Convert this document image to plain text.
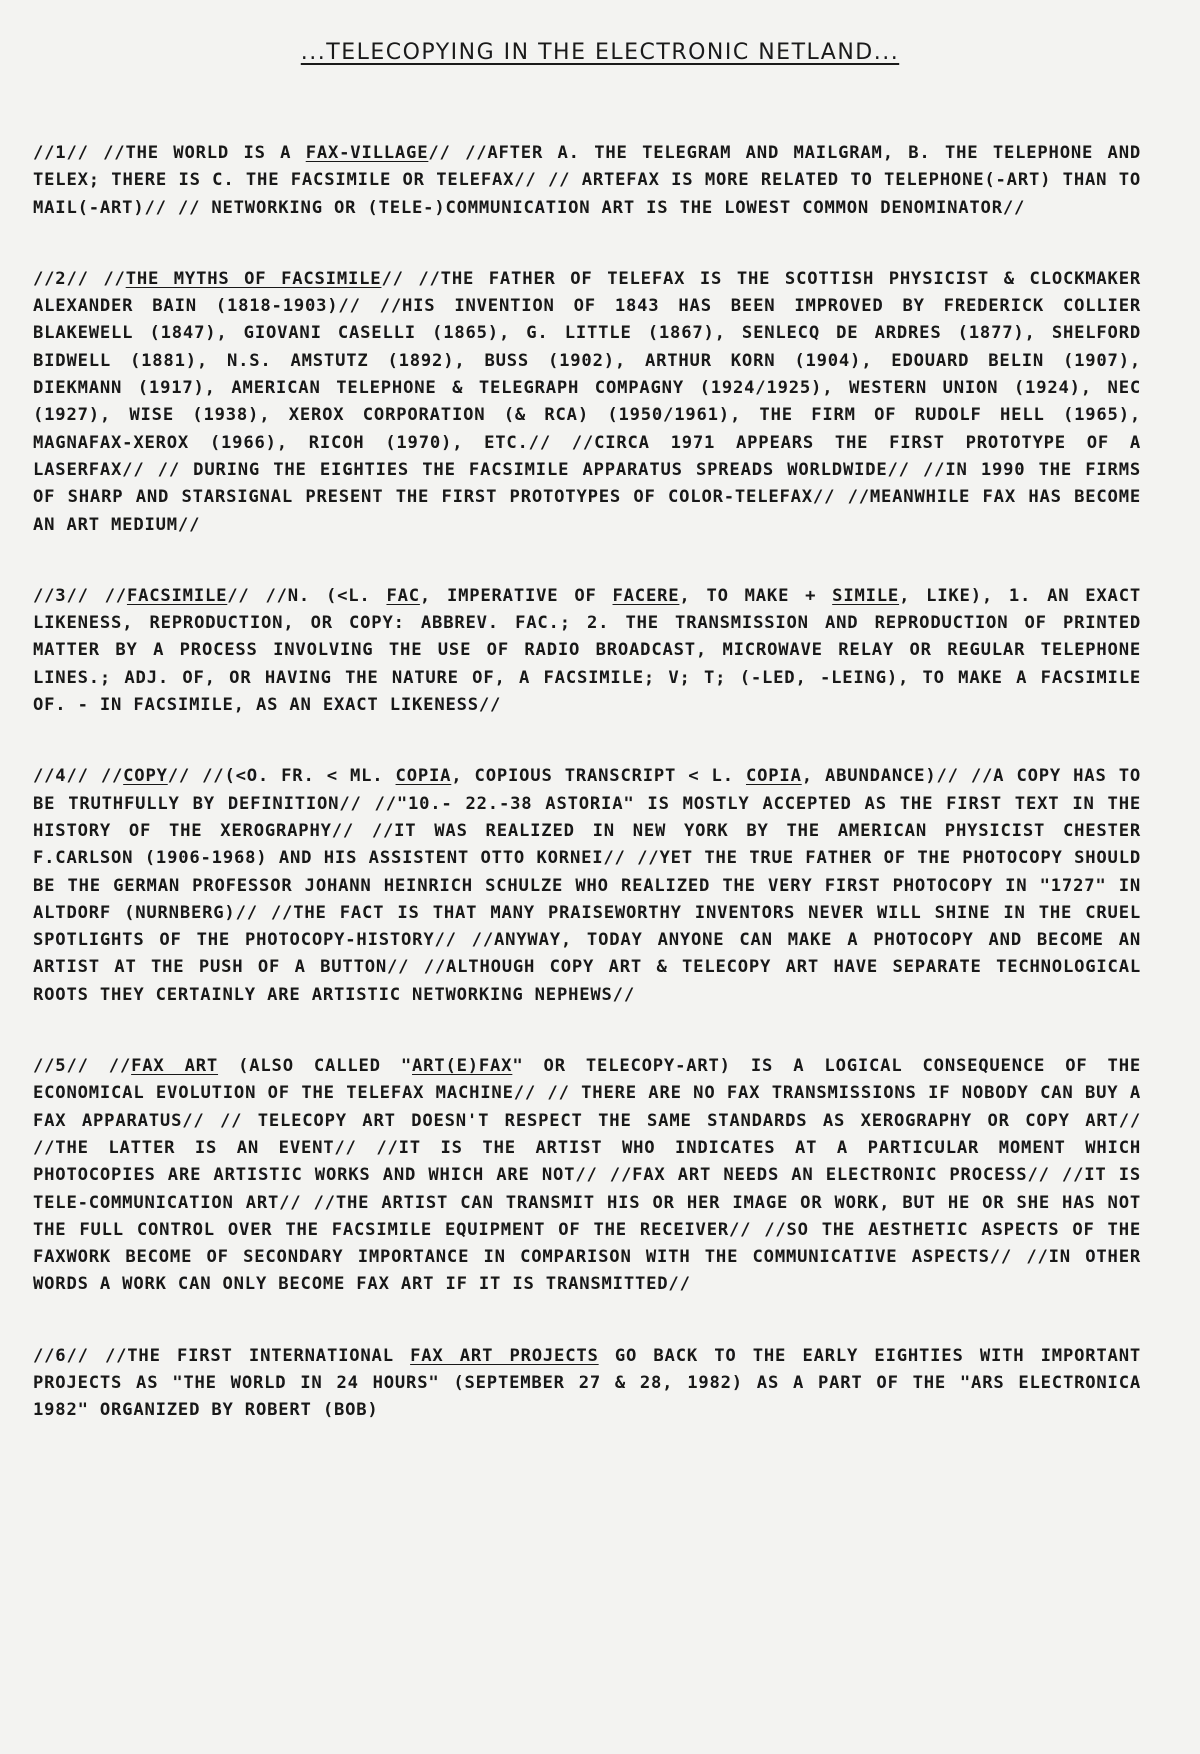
...TELECOPYING IN THE ELECTRONIC NETLAND...

//1// //THE WORLD IS A FAX-VILLAGE// //AFTER A. THE TELEGRAM AND MAILGRAM, B. THE TELEPHONE AND TELEX; THERE IS C. THE FACSIMILE OR TELEFAX// // ARTEFAX IS MORE RELATED TO TELEPHONE(-ART) THAN TO MAIL(-ART)// // NETWORKING OR (TELE-)COMMUNICATION ART IS THE LOWEST COMMON DENOMINATOR//

//2// //THE MYTHS OF FACSIMILE// //THE FATHER OF TELEFAX IS THE SCOTTISH PHYSICIST & CLOCKMAKER ALEXANDER BAIN (1818-1903)// //HIS INVENTION OF 1843 HAS BEEN IMPROVED BY FREDERICK COLLIER BLAKEWELL (1847), GIOVANI CASELLI (1865), G. LITTLE (1867), SENLECQ DE ARDRES (1877), SHELFORD BIDWELL (1881), N.S. AMSTUTZ (1892), BUSS (1902), ARTHUR KORN (1904), EDOUARD BELIN (1907), DIEKMANN (1917), AMERICAN TELEPHONE & TELEGRAPH COMPAGNY (1924/1925), WESTERN UNION (1924), NEC (1927), WISE (1938), XEROX CORPORATION (& RCA) (1950/1961), THE FIRM OF RUDOLF HELL (1965), MAGNAFAX-XEROX (1966), RICOH (1970), ETC.// //CIRCA 1971 APPEARS THE FIRST PROTOTYPE OF A LASERFAX// // DURING THE EIGHTIES THE FACSIMILE APPARATUS SPREADS WORLDWIDE// //IN 1990 THE FIRMS OF SHARP AND STARSIGNAL PRESENT THE FIRST PROTOTYPES OF COLOR-TELEFAX// //MEANWHILE FAX HAS BECOME AN ART MEDIUM//

//3// //FACSIMILE// //N. (<L. FAC, IMPERATIVE OF FACERE, TO MAKE + SIMILE, LIKE), 1. AN EXACT LIKENESS, REPRODUCTION, OR COPY: ABBREV. FAC.; 2. THE TRANSMISSION AND REPRODUCTION OF PRINTED MATTER BY A PROCESS INVOLVING THE USE OF RADIO BROADCAST, MICROWAVE RELAY OR REGULAR TELEPHONE LINES.; ADJ. OF, OR HAVING THE NATURE OF, A FACSIMILE; V; T; (-LED, -LEING), TO MAKE A FACSIMILE OF. - IN FACSIMILE, AS AN EXACT LIKENESS//

//4// //COPY// //(<O. FR. < ML. COPIA, COPIOUS TRANSCRIPT < L. COPIA, ABUNDANCE)// //A COPY HAS TO BE TRUTHFULLY BY DEFINITION// //"10.- 22.-38 ASTORIA" IS MOSTLY ACCEPTED AS THE FIRST TEXT IN THE HISTORY OF THE XEROGRAPHY// //IT WAS REALIZED IN NEW YORK BY THE AMERICAN PHYSICIST CHESTER F.CARLSON (1906-1968) AND HIS ASSISTENT OTTO KORNEI// //YET THE TRUE FATHER OF THE PHOTOCOPY SHOULD BE THE GERMAN PROFESSOR JOHANN HEINRICH SCHULZE WHO REALIZED THE VERY FIRST PHOTOCOPY IN "1727" IN ALTDORF (NURNBERG)// //THE FACT IS THAT MANY PRAISEWORTHY INVENTORS NEVER WILL SHINE IN THE CRUEL SPOTLIGHTS OF THE PHOTOCOPY-HISTORY// //ANYWAY, TODAY ANYONE CAN MAKE A PHOTOCOPY AND BECOME AN ARTIST AT THE PUSH OF A BUTTON// //ALTHOUGH COPY ART & TELECOPY ART HAVE SEPARATE TECHNOLOGICAL ROOTS THEY CERTAINLY ARE ARTISTIC NETWORKING NEPHEWS//

//5// //FAX ART (ALSO CALLED "ART(E)FAX" OR TELECOPY-ART) IS A LOGICAL CONSEQUENCE OF THE ECONOMICAL EVOLUTION OF THE TELEFAX MACHINE// // THERE ARE NO FAX TRANSMISSIONS IF NOBODY CAN BUY A FAX APPARATUS// // TELECOPY ART DOESN'T RESPECT THE SAME STANDARDS AS XEROGRAPHY OR COPY ART// //THE LATTER IS AN EVENT// //IT IS THE ARTIST WHO INDICATES AT A PARTICULAR MOMENT WHICH PHOTOCOPIES ARE ARTISTIC WORKS AND WHICH ARE NOT// //FAX ART NEEDS AN ELECTRONIC PROCESS// //IT IS TELE-COMMUNICATION ART// //THE ARTIST CAN TRANSMIT HIS OR HER IMAGE OR WORK, BUT HE OR SHE HAS NOT THE FULL CONTROL OVER THE FACSIMILE EQUIPMENT OF THE RECEIVER// //SO THE AESTHETIC ASPECTS OF THE FAXWORK BECOME OF SECONDARY IMPORTANCE IN COMPARISON WITH THE COMMUNICATIVE ASPECTS// //IN OTHER WORDS A WORK CAN ONLY BECOME FAX ART IF IT IS TRANSMITTED//

//6// //THE FIRST INTERNATIONAL FAX ART PROJECTS GO BACK TO THE EARLY EIGHTIES WITH IMPORTANT PROJECTS AS "THE WORLD IN 24 HOURS" (SEPTEMBER 27 & 28, 1982) AS A PART OF THE "ARS ELECTRONICA 1982" ORGANIZED BY ROBERT (BOB)
